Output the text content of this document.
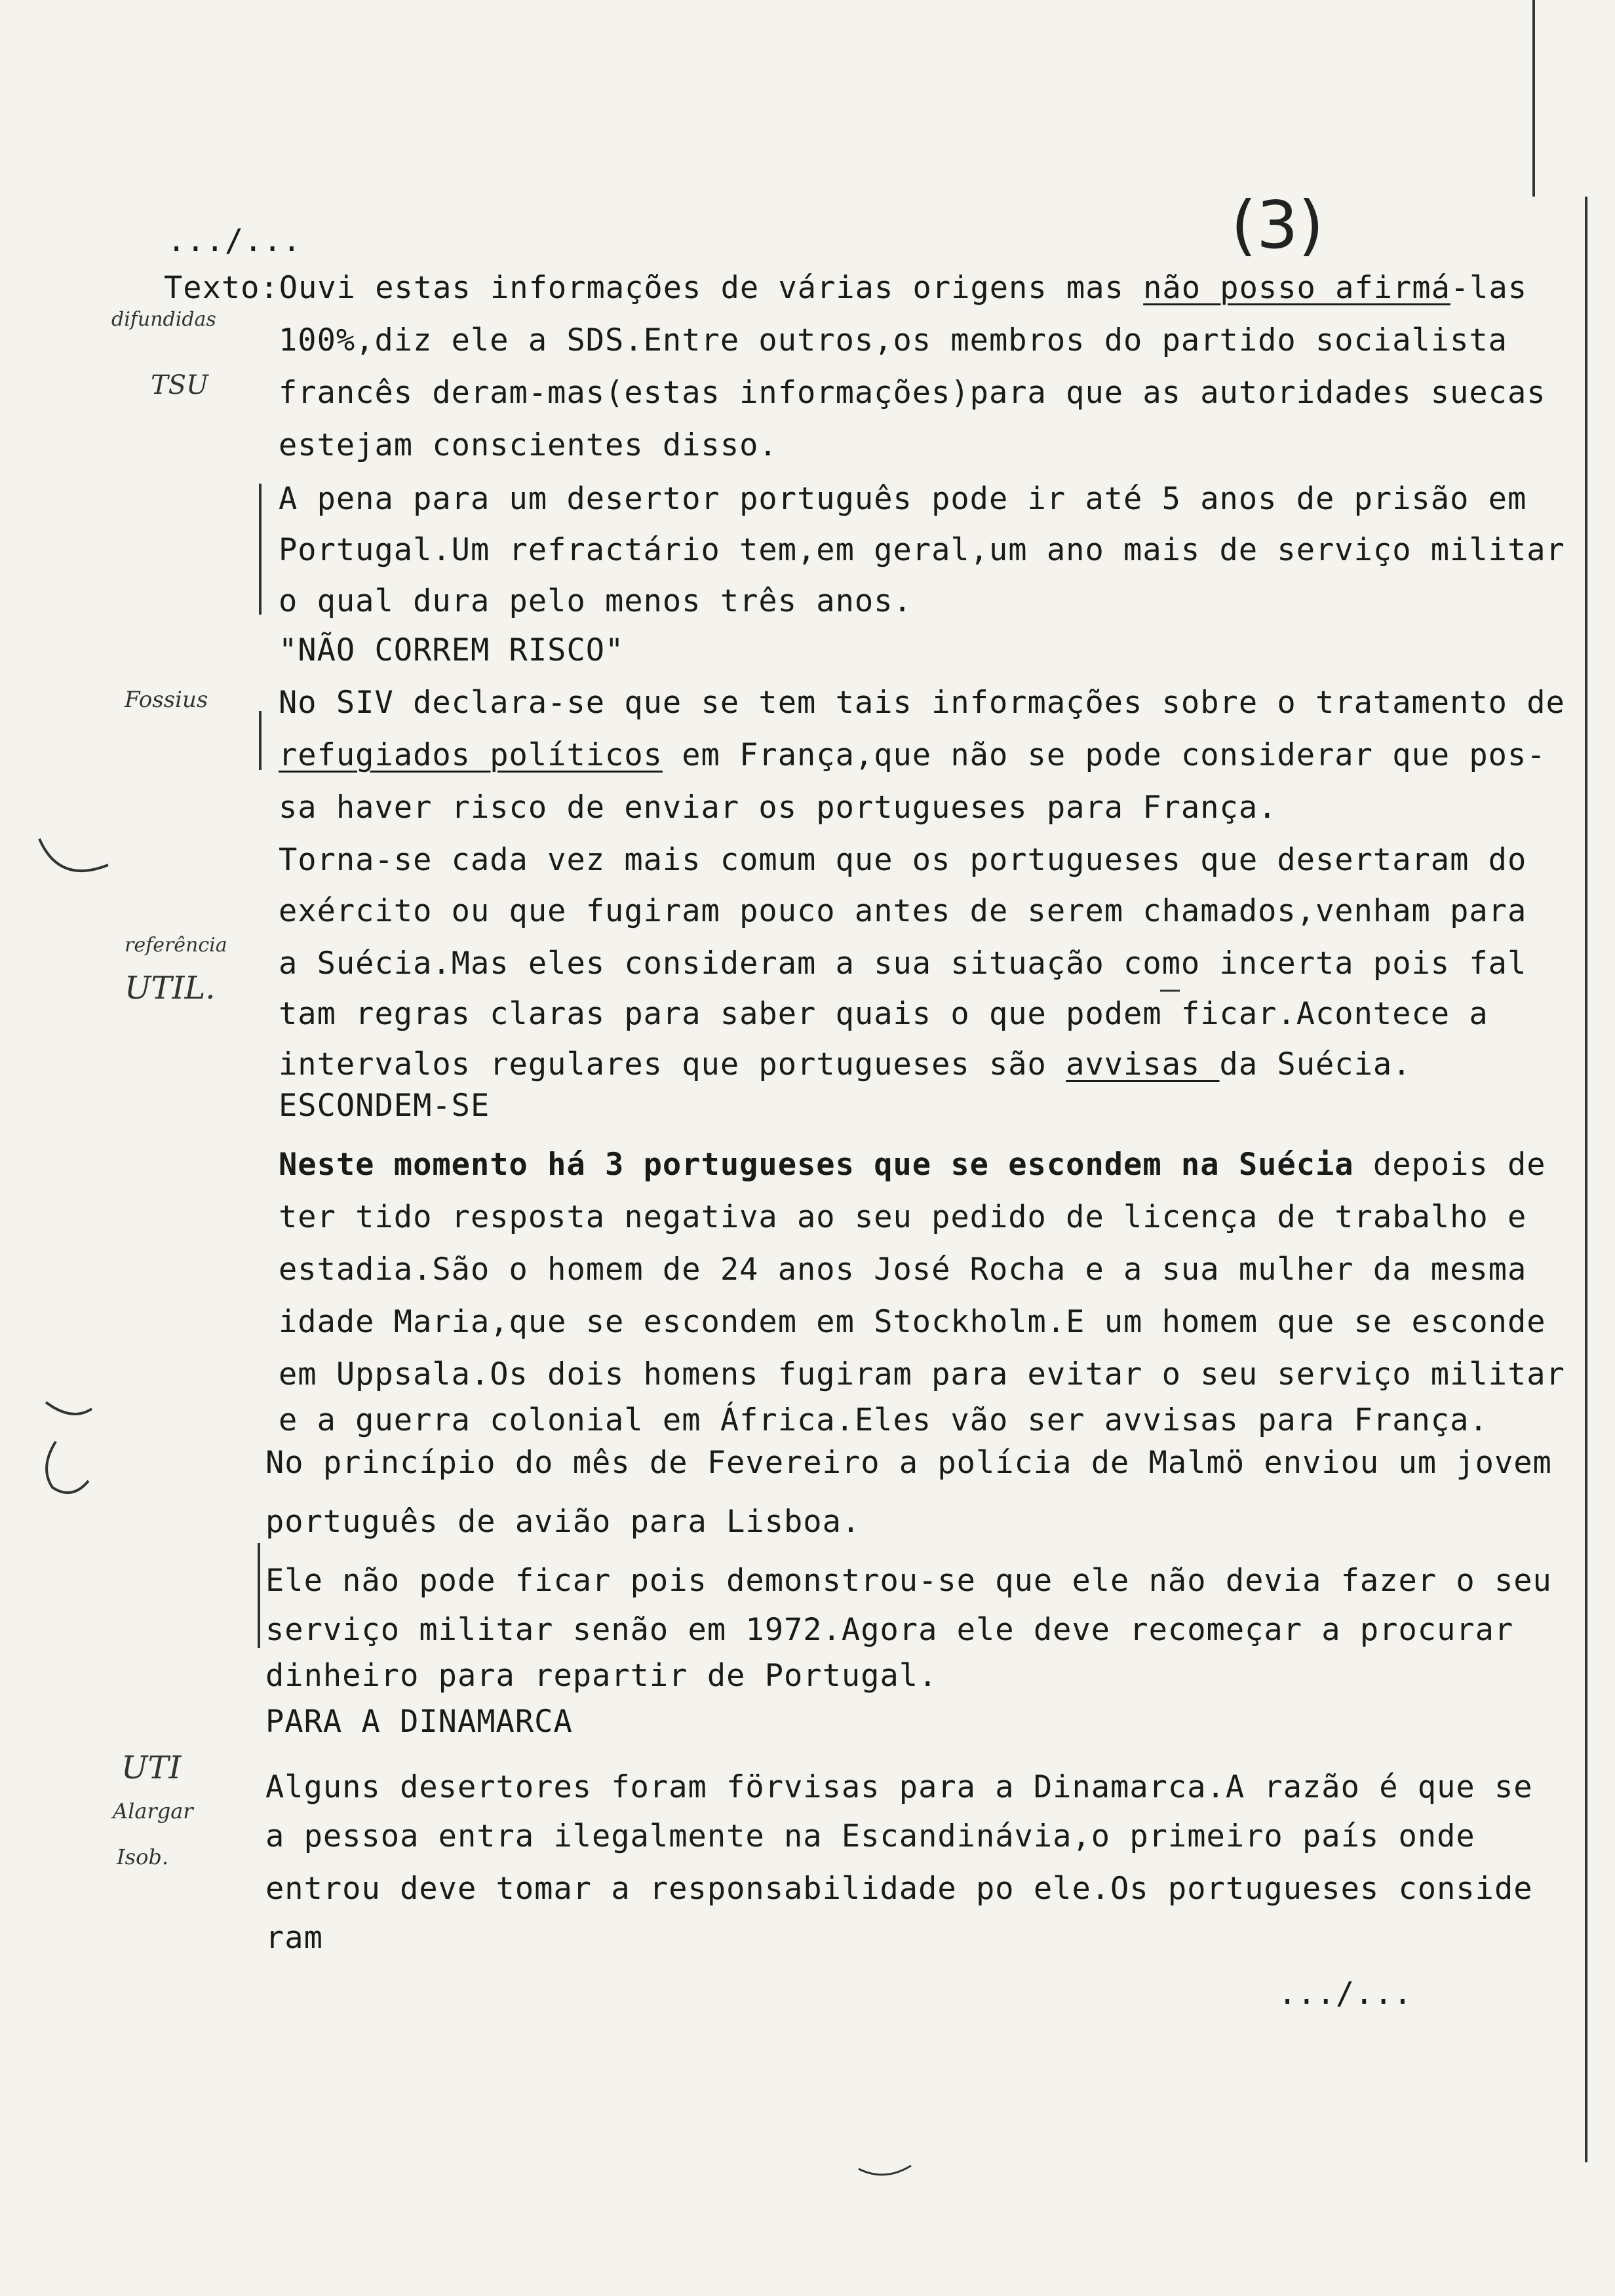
(3)
.../...
difundidas
TSU
Fossius
referência
UTIL.
UTI
Alargar
Isob.
Texto:Ouvi estas informações de várias origens mas não posso afirmá-las
100%,diz ele a SDS.Entre outros,os membros do partido socialista
francês deram-mas(estas informações)para que as autoridades suecas
estejam conscientes disso.
A pena para um desertor português pode ir até 5 anos de prisão em
Portugal.Um refractário tem,em geral,um ano mais de serviço militar
o qual dura pelo menos três anos.
"NÃO CORREM RISCO"
No SIV declara-se que se tem tais informações sobre o tratamento de
refugiados políticos em França,que não se pode considerar que pos-
sa haver risco de enviar os portugueses para França.
Torna-se cada vez mais comum que os portugueses que desertaram do
exército ou que fugiram pouco antes de serem chamados,venham para
a Suécia.Mas eles consideram a sua situação como incerta pois fal
tam regras claras para saber quais o que podem ficar.Acontece a
intervalos regulares que portugueses são avvisas da Suécia.
ESCONDEM-SE
Neste momento há 3 portugueses que se escondem na Suécia depois de
ter tido resposta negativa ao seu pedido de licença de trabalho e
estadia.São o homem de 24 anos José Rocha e a sua mulher da mesma
idade Maria,que se escondem em Stockholm.E um homem que se esconde
em Uppsala.Os dois homens fugiram para evitar o seu serviço militar
e a guerra colonial em África.Eles vão ser avvisas para França.
No princípio do mês de Fevereiro a polícia de Malmö enviou um jovem
português de avião para Lisboa.
Ele não pode ficar pois demonstrou-se que ele não devia fazer o seu
serviço militar senão em 1972.Agora ele deve recomeçar a procurar
dinheiro para repartir de Portugal.
PARA A DINAMARCA
Alguns desertores foram förvisas para a Dinamarca.A razão é que se
a pessoa entra ilegalmente na Escandinávia,o primeiro país onde
entrou deve tomar a responsabilidade po ele.Os portugueses conside
ram
.../...
